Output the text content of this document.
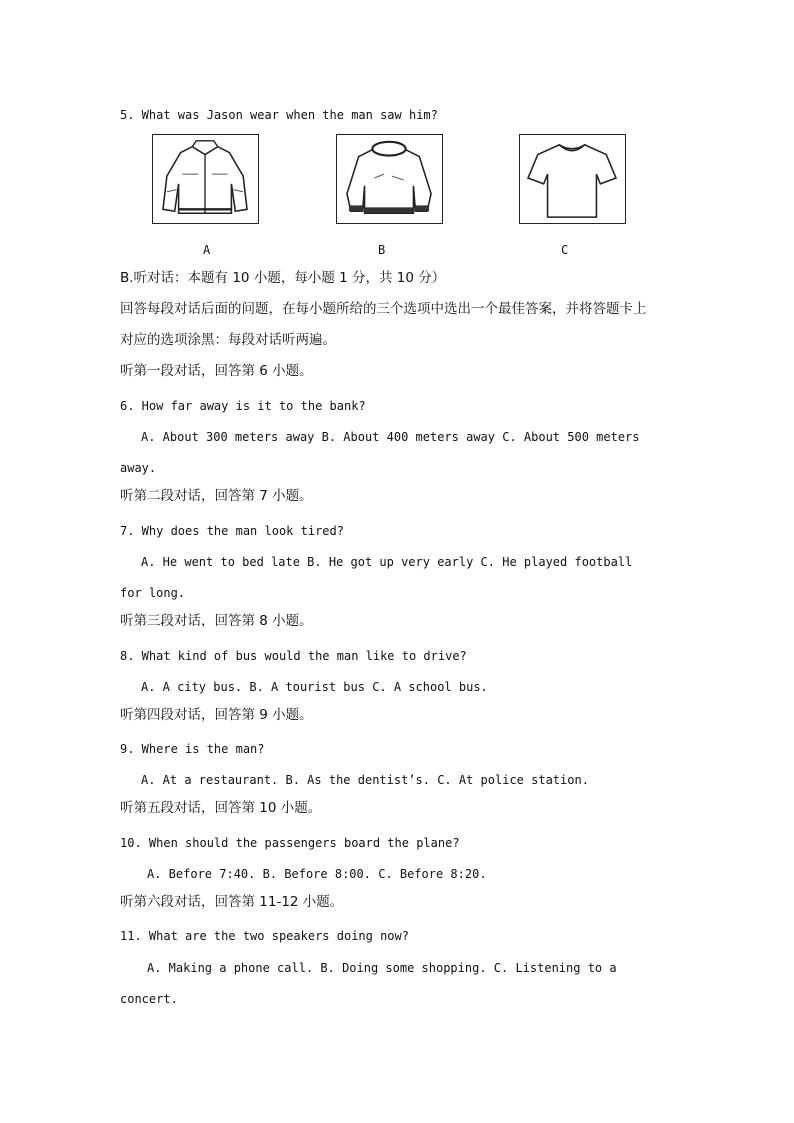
5. What was Jason wear when the man saw him?
A	B	C
B.听对话：本题有 10 小题，每小题 1 分，共 10 分）
回答每段对话后面的问题，在每小题所给的三个选项中选出一个最佳答案，并将答题卡上
对应的选项涂黑：每段对话听两遍。
听第一段对话，回答第 6 小题。
6. How far away is it to the bank?
A. About 300 meters away B. About 400 meters away C. About 500 meters
away.
听第二段对话，回答第 7 小题。
7. Why does the man look tired?
A. He went to bed late B. He got up very early C. He played football
for long.
听第三段对话，回答第 8 小题。
8. What kind of bus would the man like to drive?
A. A city bus. B. A tourist bus C. A school bus.
听第四段对话，回答第 9 小题。
9. Where is the man?
A. At a restaurant. B. As the dentist’s. C. At police station.
听第五段对话，回答第 10 小题。
10. When should the passengers board the plane?
A. Before 7:40. B. Before 8:00. C. Before 8:20.
听第六段对话，回答第 11-12 小题。
11. What are the two speakers doing now?
A. Making a phone call. B. Doing some shopping. C. Listening to a
concert.
